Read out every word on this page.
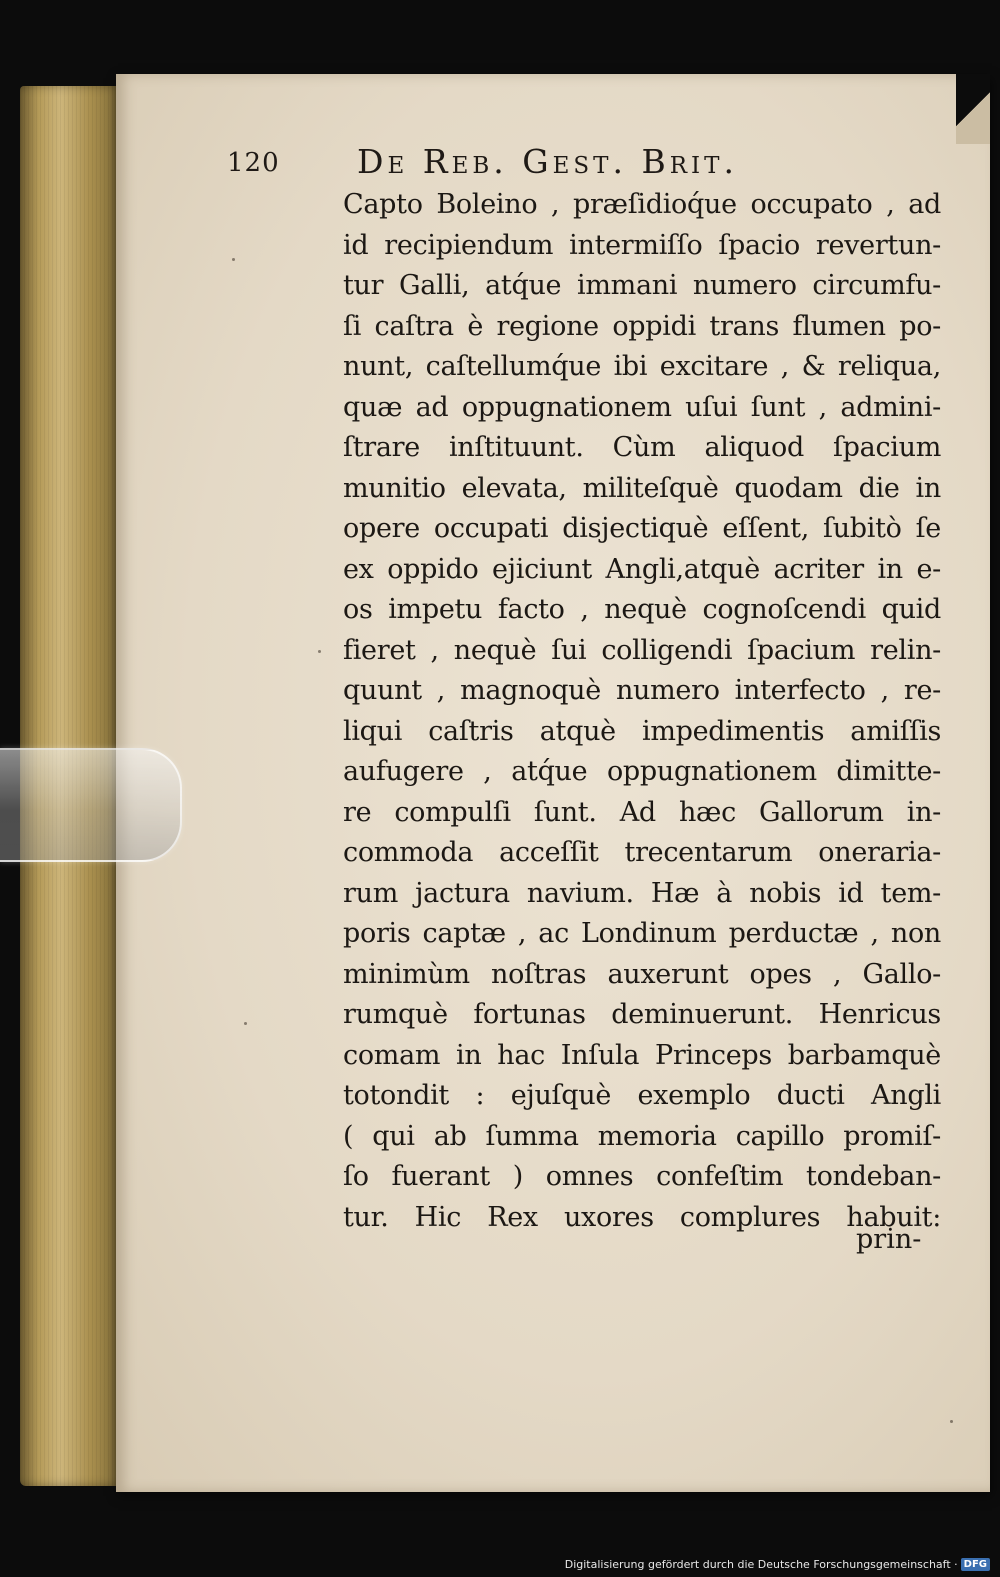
120 De Reb. Gest. Brit.
Capto Boleino , præſidioq́ue occupato , ad
id recipiendum intermiſſo ſpacio revertun-
tur Galli, atq́ue immani numero circumfu-
ſi caſtra è regione oppidi trans flumen po-
nunt, caſtellumq́ue ibi excitare , & reliqua,
quæ ad oppugnationem uſui ſunt , admini-
ſtrare inſtituunt. Cùm aliquod ſpacium
munitio elevata, militeſquè quodam die in
opere occupati disjectiquè eſſent, ſubitò ſe
ex oppido ejiciunt Angli,atquè acriter in e-
os impetu facto , nequè cognoſcendi quid
fieret , nequè ſui colligendi ſpacium relin-
quunt , magnoquè numero interfecto , re-
liqui caſtris atquè impedimentis amiſſis
aufugere , atq́ue oppugnationem dimitte-
re compulſi ſunt. Ad hæc Gallorum in-
commoda acceſſit trecentarum oneraria-
rum jactura navium. Hæ à nobis id tem-
poris captæ , ac Londinum perductæ , non
minimùm noſtras auxerunt opes , Gallo-
rumquè fortunas deminuerunt. Henricus
comam in hac Inſula Princeps barbamquè
totondit : ejuſquè exemplo ducti Angli
( qui ab ſumma memoria capillo promiſ-
ſo fuerant ) omnes confeſtim tondeban-
tur. Hic Rex uxores complures habuit:
prin-
Digitalisierung gefördert durch die Deutsche Forschungsgemeinschaft · DFG
